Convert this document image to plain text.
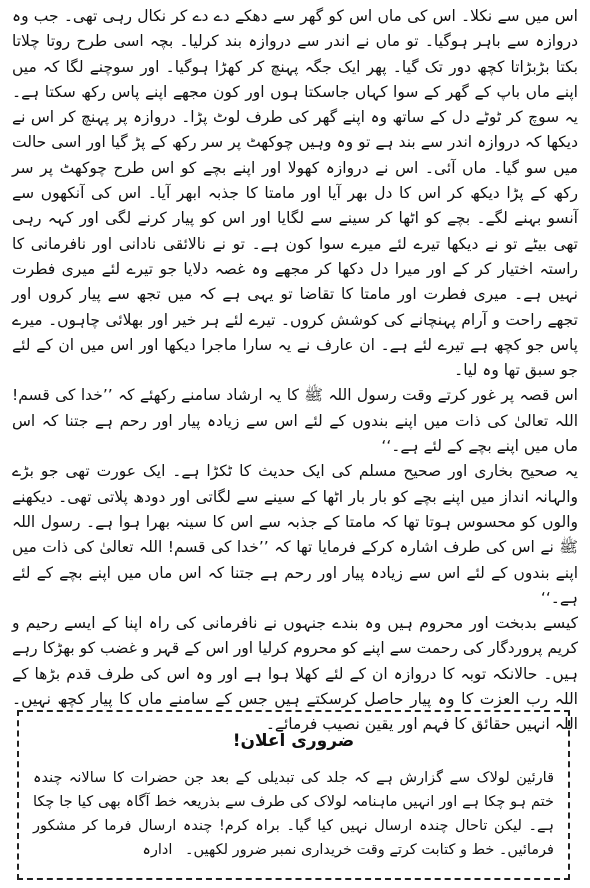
اس میں سے نکلا۔ اس کی ماں اس کو گھر سے دھکے دے دے کر نکال رہی تھی۔ جب وہ دروازہ سے باہر ہوگیا۔ تو ماں نے اندر سے دروازہ بند کرلیا۔ بچہ اسی طرح روتا چلاتا بکتا بڑبڑاتا کچھ دور تک گیا۔ پھر ایک جگہ پہنچ کر کھڑا ہوگیا۔ اور سوچنے لگا کہ میں اپنے ماں باپ کے گھر کے سوا کہاں جاسکتا ہوں اور کون مجھے اپنے پاس رکھ سکتا ہے۔ یہ سوچ کر ٹوٹے دل کے ساتھ وہ اپنے گھر کی طرف لوٹ پڑا۔ دروازہ پر پہنچ کر اس نے دیکھا کہ دروازہ اندر سے بند ہے تو وہ وہیں چوکھٹ پر سر رکھ کے پڑ گیا اور اسی حالت میں سو گیا۔ ماں آئی۔ اس نے دروازہ کھولا اور اپنے بچے کو اس طرح چوکھٹ پر سر رکھ کے پڑا دیکھ کر اس کا دل بھر آیا اور مامتا کا جذبہ ابھر آیا۔ اس کی آنکھوں سے آنسو بہنے لگے۔ بچے کو اٹھا کر سینے سے لگایا اور اس کو پیار کرنے لگی اور کہہ رہی تھی بیٹے تو نے دیکھا تیرے لئے میرے سوا کون ہے۔ تو نے نالائقی نادانی اور نافرمانی کا راستہ اختیار کر کے اور میرا دل دکھا کر مجھے وہ غصہ دلایا جو تیرے لئے میری فطرت نہیں ہے۔ میری فطرت اور مامتا کا تقاضا تو یہی ہے کہ میں تجھ سے پیار کروں اور تجھے راحت و آرام پہنچانے کی کوشش کروں۔ تیرے لئے ہر خیر اور بھلائی چاہوں۔ میرے پاس جو کچھ ہے تیرے لئے ہے۔ ان عارف نے یہ سارا ماجرا دیکھا اور اس میں ان کے لئے جو سبق تھا وہ لیا۔

اس قصہ پر غور کرتے وقت رسول اللہ ﷺ کا یہ ارشاد سامنے رکھئے کہ ’’خدا کی قسم! اللہ تعالیٰ کی ذات میں اپنے بندوں کے لئے اس سے زیادہ پیار اور رحم ہے جتنا کہ اس ماں میں اپنے بچے کے لئے ہے۔‘‘

یہ صحیح بخاری اور صحیح مسلم کی ایک حدیث کا ٹکڑا ہے۔ ایک عورت تھی جو بڑے والہانہ انداز میں اپنے بچے کو بار بار اٹھا کے سینے سے لگاتی اور دودھ پلاتی تھی۔ دیکھنے والوں کو محسوس ہوتا تھا کہ مامتا کے جذبہ سے اس کا سینہ بھرا ہوا ہے۔ رسول اللہ ﷺ نے اس کی طرف اشارہ کرکے فرمایا تھا کہ ’’خدا کی قسم! اللہ تعالیٰ کی ذات میں اپنے بندوں کے لئے اس سے زیادہ پیار اور رحم ہے جتنا کہ اس ماں میں اپنے بچے کے لئے ہے۔‘‘

کیسے بدبخت اور محروم ہیں وہ بندے جنہوں نے نافرمانی کی راہ اپنا کے ایسے رحیم و کریم پروردگار کی رحمت سے اپنے کو محروم کرلیا اور اس کے قہر و غضب کو بھڑکا رہے ہیں۔ حالانکہ توبہ کا دروازہ ان کے لئے کھلا ہوا ہے اور وہ اس کی طرف قدم بڑھا کے اللہ رب العزت کا وہ پیار حاصل کرسکتے ہیں جس کے سامنے ماں کا پیار کچھ نہیں۔ اللہ انہیں حقائق کا فہم اور یقین نصیب فرمائے۔

ضروری اعلان!

قارئین لولاک سے گزارش ہے کہ جلد کی تبدیلی کے بعد جن حضرات کا سالانہ چندہ ختم ہو چکا ہے اور انہیں ماہنامہ لولاک کی طرف سے بذریعہ خط آگاہ بھی کیا جا چکا ہے۔ لیکن تاحال چندہ ارسال نہیں کیا گیا۔ براہ کرم! چندہ ارسال فرما کر مشکور فرمائیں۔ خط و کتابت کرتے وقت خریداری نمبر ضرور لکھیں۔ ادارہ
